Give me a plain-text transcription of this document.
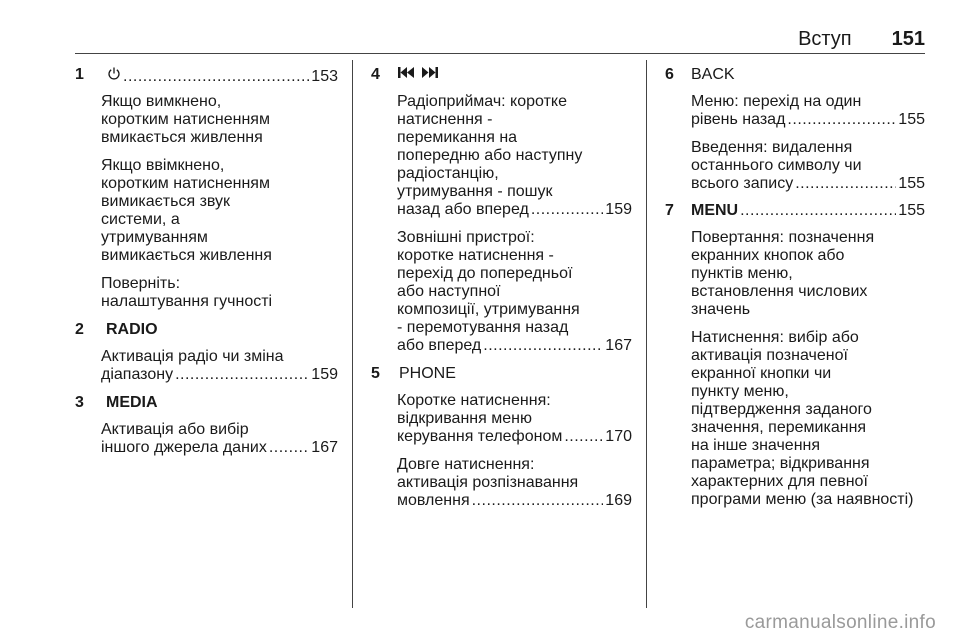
Вступ 151
1 .....	153
Якщо вимкнено,
коротким натисненням
вмикається живлення
Якщо ввімкнено,
коротким натисненням
вимикається звук
системи, а
утримуванням
вимикається живлення
Поверніть:
налаштування гучності
2 RADIO
Активація радіо чи зміна
діапазону .....	159
3 MEDIA
Активація або вибір
іншого джерела даних .....	167
4
Радіоприймач: коротке
натиснення -
перемикання на
попередню або наступну
радіостанцію,
утримування - пошук
назад або вперед .....	159
Зовнішні пристрої:
коротке натиснення -
перехід до попередньої
або наступної
композиції, утримування
- перемотування назад
або вперед .....	167
5 PHONE
Коротке натиснення:
відкривання меню
керування телефоном .....	170
Довге натиснення:
активація розпізнавання
мовлення .....	169
6 BACK
Меню: перехід на один
рівень назад .....	155
Введення: видалення
останнього символу чи
всього запису .....	155
7 MENU .....	155
Повертання: позначення
екранних кнопок або
пунктів меню,
встановлення числових
значень
Натиснення: вибір або
активація позначеної
екранної кнопки чи
пункту меню,
підтвердження заданого
значення, перемикання
на інше значення
параметра; відкривання
характерних для певної
програми меню (за наявності)
carmanualsonline.info
